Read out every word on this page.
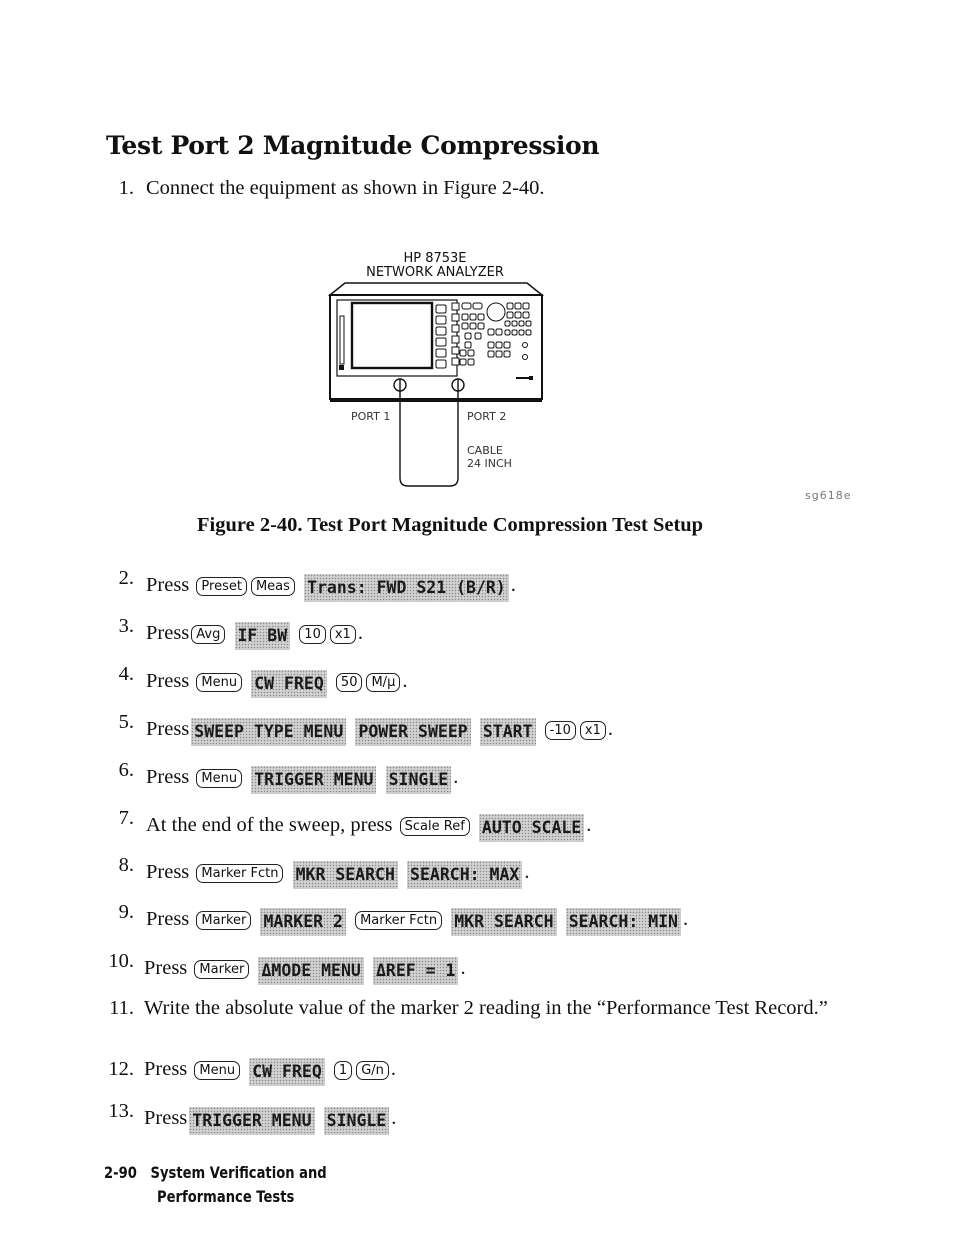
Test Port 2 Magnitude Compression
1. Connect the equipment as shown in Figure 2-40.
HP 8753E
NETWORK ANALYZER
PORT 1	PORT 2
CABLE
24 INCH
sg618e
Figure 2-40. Test Port Magnitude Compression Test Setup
2. Press Preset Meas Trans: FWD S21 (B/R) .
3. Press Avg IF BW 10 x1 .
4. Press Menu CW FREQ 50 M/μ .
5. Press SWEEP TYPE MENU POWER SWEEP START -10 x1 .
6. Press Menu TRIGGER MENU SINGLE .
7. At the end of the sweep, press Scale Ref AUTO SCALE .
8. Press Marker Fctn MKR SEARCH SEARCH: MAX .
9. Press Marker MARKER 2 Marker Fctn MKR SEARCH SEARCH: MIN .
10. Press Marker ΔMODE MENU ΔREF = 1 .
11. Write the absolute value of the marker 2 reading in the “Performance Test Record.”
12. Press Menu CW FREQ 1 G/n .
13. Press TRIGGER MENU SINGLE .
2-90 System Verification and
Performance Tests
